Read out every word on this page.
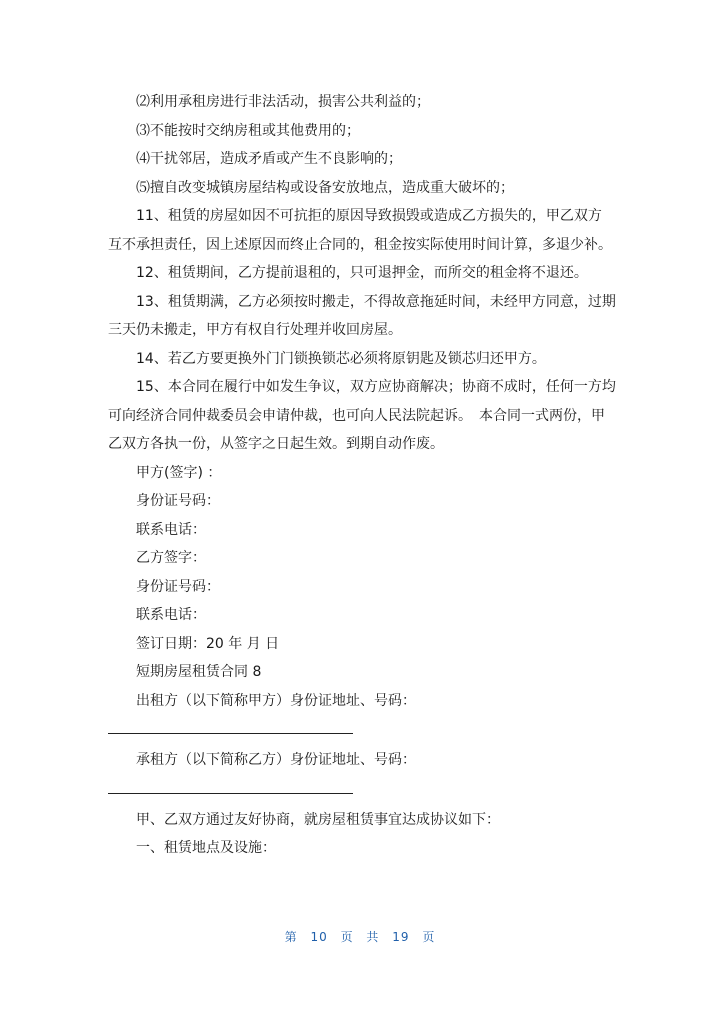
⑵利用承租房进行非法活动，损害公共利益的；

⑶不能按时交纳房租或其他费用的；

⑷干扰邻居，造成矛盾或产生不良影响的；

⑸擅自改变城镇房屋结构或设备安放地点，造成重大破坏的；

11、租赁的房屋如因不可抗拒的原因导致损毁或造成乙方损失的，甲乙双方 互不承担责任，因上述原因而终止合同的，租金按实际使用时间计算，多退少补。

12、租赁期间，乙方提前退租的，只可退押金，而所交的租金将不退还。

13、租赁期满，乙方必须按时搬走，不得故意拖延时间，未经甲方同意，过期三天仍未搬走，甲方有权自行处理并收回房屋。

14、若乙方要更换外门门锁换锁芯必须将原钥匙及锁芯归还甲方。

15、本合同在履行中如发生争议，双方应协商解决；协商不成时，任何一方均可向经济合同仲裁委员会申请仲裁，也可向人民法院起诉。　本合同一式两份，甲乙双方各执一份，从签字之日起生效。到期自动作废。

甲方(签字) ：

身份证号码：

联系电话：

乙方签字：

身份证号码：

联系电话：

签订日期：20 年 月 日

短期房屋租赁合同 8

出租方（以下简称甲方）身份证地址、号码：

承租方（以下简称乙方）身份证地址、号码：

甲、乙双方通过友好协商，就房屋租赁事宜达成协议如下：

一、租赁地点及设施：

第 10 页 共 19 页
